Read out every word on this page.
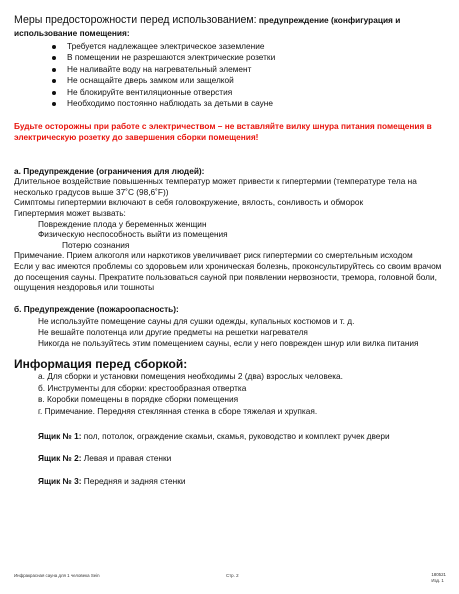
Меры предосторожности перед использованием: предупреждение (конфигурация и использование помещения:
Требуется надлежащее электрическое заземление
В помещении не разрешаются электрические розетки
Не наливайте воду на нагревательный элемент
Не оснащайте дверь замком или защелкой
Не блокируйте вентиляционные отверстия
Необходимо постоянно наблюдать за детьми в сауне
Будьте осторожны при работе с электричеством – не вставляйте вилку шнура питания помещения в электрическую розетку до завершения сборки помещения!
а. Предупреждение (ограничения для людей):
Длительное воздействие повышенных температур может привести к гипертермии (температуре тела на несколько градусов выше 37˚C (98,6˚F))
Симптомы гипертермии включают в себя головокружение, вялость, сонливость и обморок
Гипертермия может вызвать:
Повреждение плода у беременных женщин
Физическую неспособность выйти из помещения
Потерю сознания
Примечание. Прием алкоголя или наркотиков увеличивает риск гипертермии со смертельным исходом
Если у вас имеются проблемы со здоровьем или хроническая болезнь, проконсультируйтесь со своим врачом до посещения сауны. Прекратите пользоваться сауной при появлении нервозности, тремора, головной боли, ощущения нездоровья или тошноты
б. Предупреждение (пожароопасность):
Не используйте помещение сауны для сушки одежды, купальных костюмов и т. д.
Не вешайте полотенца или другие предметы на решетки нагревателя
Никогда не пользуйтесь этим помещением сауны, если у него поврежден шнур или вилка питания
Информация перед сборкой:
а. Для сборки и установки помещения необходимы 2 (два) взрослых человека.
б. Инструменты для сборки: крестообразная отвертка
в. Коробки помещены в порядке сборки помещения
г. Примечание. Передняя стеклянная стенка в сборе тяжелая и хрупкая.
Ящик № 1: пол, потолок, ограждение скамьи, скамья, руководство и комплект ручек двери
Ящик № 2: Левая и правая стенки
Ящик № 3: Передняя и задняя стенки
Инфракрасная сауна для 1 человека Sein	Стр. 2	180521
Изд. 1
